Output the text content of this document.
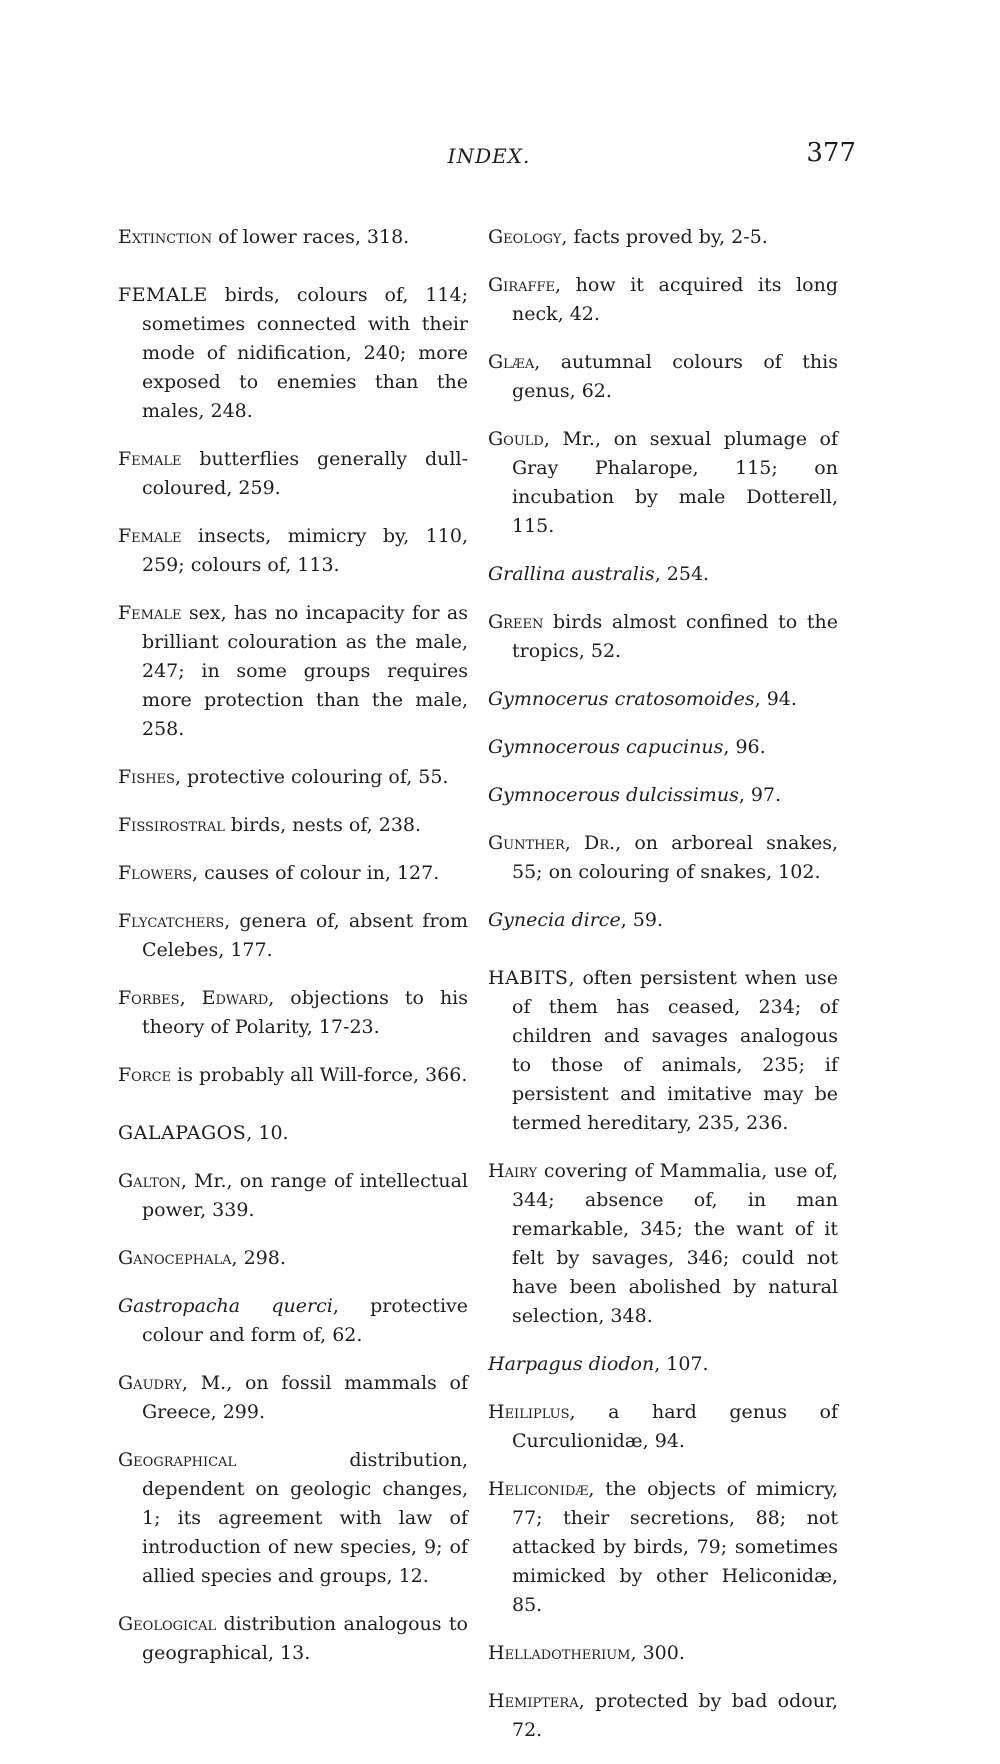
INDEX.	377

Extinction of lower races, 318.

FEMALE birds, colours of, 114; sometimes connected with their mode of nidification, 240; more exposed to enemies than the males, 248.

Female butterflies generally dull-coloured, 259.

Female insects, mimicry by, 110, 259; colours of, 113.

Female sex, has no incapacity for as brilliant colouration as the male, 247; in some groups requires more protection than the male, 258.

Fishes, protective colouring of, 55.

Fissirostral birds, nests of, 238.

Flowers, causes of colour in, 127.

Flycatchers, genera of, absent from Celebes, 177.

Forbes, Edward, objections to his theory of Polarity, 17-23.

Force is probably all Will-force, 366.

GALAPAGOS, 10.

Galton, Mr., on range of intellectual power, 339.

Ganocephala, 298.

Gastropacha querci, protective colour and form of, 62.

Gaudry, M., on fossil mammals of Greece, 299.

Geographical distribution, dependent on geologic changes, 1; its agreement with law of introduction of new species, 9; of allied species and groups, 12.

Geological distribution analogous to geographical, 13.

Geology, facts proved by, 2-5.

Giraffe, how it acquired its long neck, 42.

Glæa, autumnal colours of this genus, 62.

Gould, Mr., on sexual plumage of Gray Phalarope, 115; on incubation by male Dotterell, 115.

Grallina australis, 254.

Green birds almost confined to the tropics, 52.

Gymnocerus cratosomoides, 94.

Gymnocerous capucinus, 96.

Gymnocerous dulcissimus, 97.

Gunther, Dr., on arboreal snakes, 55; on colouring of snakes, 102.

Gynecia dirce, 59.

HABITS, often persistent when use of them has ceased, 234; of children and savages analogous to those of animals, 235; if persistent and imitative may be termed hereditary, 235, 236.

Hairy covering of Mammalia, use of, 344; absence of, in man remarkable, 345; the want of it felt by savages, 346; could not have been abolished by natural selection, 348.

Harpagus diodon, 107.

Heiliplus, a hard genus of Curculionidæ, 94.

Heliconidæ, the objects of mimicry, 77; their secretions, 88; not attacked by birds, 79; sometimes mimicked by other Heliconidæ, 85.

Helladotherium, 300.

Hemiptera, protected by bad odour, 72.
